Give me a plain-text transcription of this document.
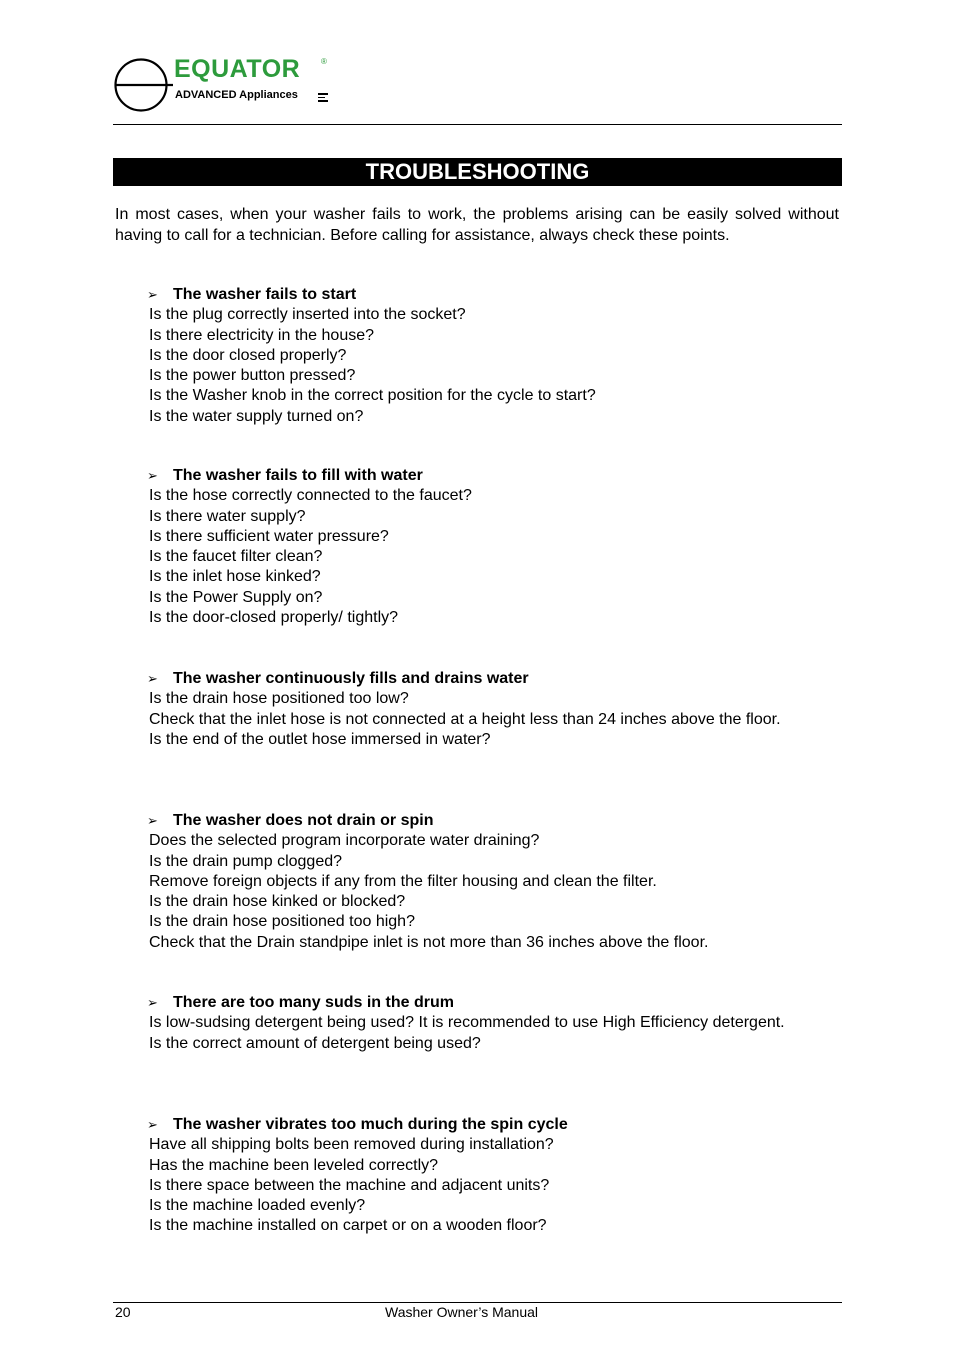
EQUATOR	®
ADVANCED Appliances
TROUBLESHOOTING

In most cases, when your washer fails to work, the problems arising can be easily solved without having to call for a technician. Before calling for assistance, always check these points.

➢ The washer fails to start
Is the plug correctly inserted into the socket?
Is there electricity in the house?
Is the door closed properly?
Is the power button pressed?
Is the Washer knob in the correct position for the cycle to start?
Is the water supply turned on?
➢ The washer fails to fill with water
Is the hose correctly connected to the faucet?
Is there water supply?
Is there sufficient water pressure?
Is the faucet filter clean?
Is the inlet hose kinked?
Is the Power Supply on?
Is the door-closed properly/ tightly?
➢ The washer continuously fills and drains water
Is the drain hose positioned too low?
Check that the inlet hose is not connected at a height less than 24 inches above the floor.
Is the end of the outlet hose immersed in water?
➢ The washer does not drain or spin
Does the selected program incorporate water draining?
Is the drain pump clogged?
Remove foreign objects if any from the filter housing and clean the filter.
Is the drain hose kinked or blocked?
Is the drain hose positioned too high?
Check that the Drain standpipe inlet is not more than 36 inches above the floor.
➢ There are too many suds in the drum
Is low-sudsing detergent being used? It is recommended to use High Efficiency detergent.
Is the correct amount of detergent being used?
➢ The washer vibrates too much during the spin cycle
Have all shipping bolts been removed during installation?
Has the machine been leveled correctly?
Is there space between the machine and adjacent units?
Is the machine loaded evenly?
Is the machine installed on carpet or on a wooden floor?
20	Washer Owner’s Manual
